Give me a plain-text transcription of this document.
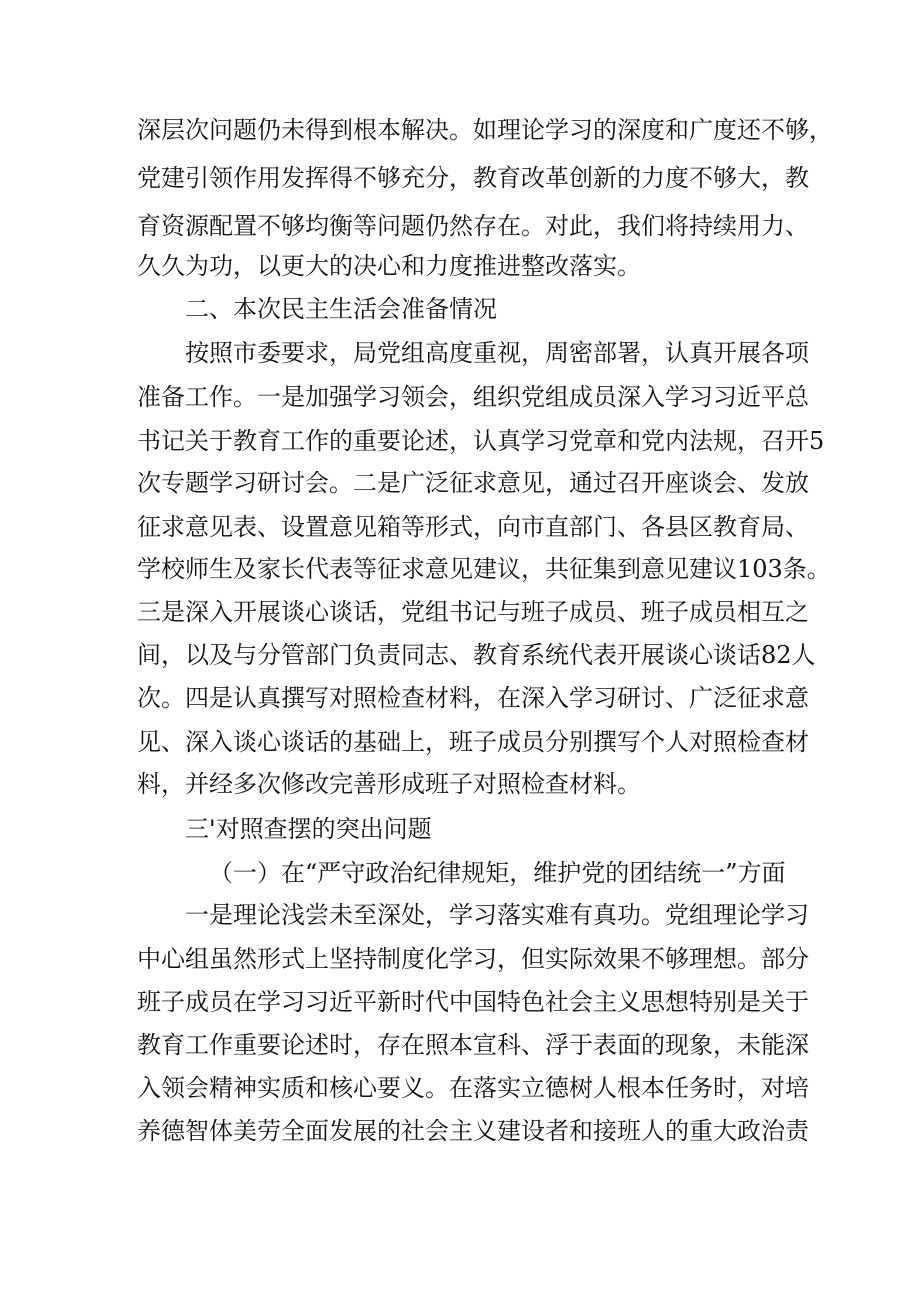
深层次问题仍未得到根本解决。如理论学习的深度和广度还不够，
党建引领作用发挥得不够充分，教育改革创新的力度不够大，教
育资源配置不够均衡等问题仍然存在。对此，我们将持续用力、
久久为功，以更大的决心和力度推进整改落实。
二、本次民主生活会准备情况
按照市委要求，局党组高度重视，周密部署，认真开展各项
准备工作。一是加强学习领会，组织党组成员深入学习习近平总
书记关于教育工作的重要论述，认真学习党章和党内法规，召开5
次专题学习研讨会。二是广泛征求意见，通过召开座谈会、发放
征求意见表、设置意见箱等形式，向市直部门、各县区教育局、
学校师生及家长代表等征求意见建议，共征集到意见建议103条。
三是深入开展谈心谈话，党组书记与班子成员、班子成员相互之
间，以及与分管部门负责同志、教育系统代表开展谈心谈话82人
次。四是认真撰写对照检查材料，在深入学习研讨、广泛征求意
见、深入谈心谈话的基础上，班子成员分别撰写个人对照检查材
料，并经多次修改完善形成班子对照检查材料。
三'对照查摆的突出问题
（一）在“严守政治纪律规矩，维护党的团结统一”方面
一是理论浅尝未至深处，学习落实难有真功。党组理论学习
中心组虽然形式上坚持制度化学习，但实际效果不够理想。部分
班子成员在学习习近平新时代中国特色社会主义思想特别是关于
教育工作重要论述时，存在照本宣科、浮于表面的现象，未能深
入领会精神实质和核心要义。在落实立德树人根本任务时，对培
养德智体美劳全面发展的社会主义建设者和接班人的重大政治责
